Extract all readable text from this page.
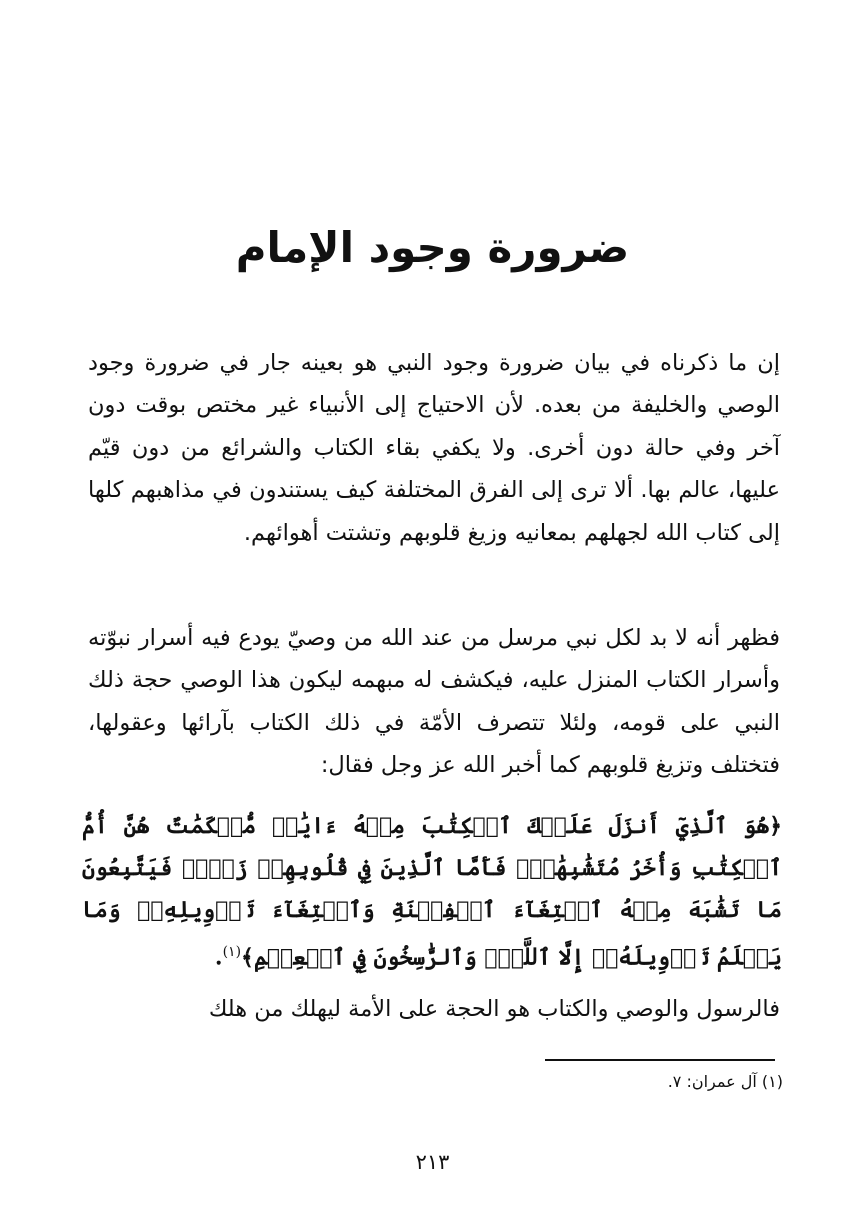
ضرورة وجود الإمام

إن ما ذكرناه في بيان ضرورة وجود النبي هو بعينه جار في ضرورة وجود الوصي والخليفة من بعده. لأن الاحتياج إلى الأنبياء غير مختص بوقت دون آخر وفي حالة دون أخرى. ولا يكفي بقاء الكتاب والشرائع من دون قيّم عليها، عالم بها. ألا ترى إلى الفرق المختلفة كيف يستندون في مذاهبهم كلها إلى كتاب الله لجهلهم بمعانيه وزيغ قلوبهم وتشتت أهوائهم.

فظهر أنه لا بد لكل نبي مرسل من عند الله من وصيّ يودع فيه أسرار نبوّته وأسرار الكتاب المنزل عليه، فيكشف له مبهمه ليكون هذا الوصي حجة ذلك النبي على قومه، ولئلا تتصرف الأمّة في ذلك الكتاب بآرائها وعقولها، فتختلف وتزيغ قلوبهم كما أخبر الله عز وجل فقال:

﴿هُوَ ٱلَّذِيٓ أَنزَلَ عَلَيۡكَ ٱلۡكِتَٰبَ مِنۡهُ ءَايَٰتٞ مُّحۡكَمَٰتٌ هُنَّ أُمُّ ٱلۡكِتَٰبِ وَأُخَرُ مُتَشَٰبِهَٰتٞۖ فَأَمَّا ٱلَّذِينَ فِي قُلُوبِهِمۡ زَيۡغٞ فَيَتَّبِعُونَ مَا تَشَٰبَهَ مِنۡهُ ٱبۡتِغَآءَ ٱلۡفِتۡنَةِ وَٱبۡتِغَآءَ تَأۡوِيلِهِۦۗ وَمَا يَعۡلَمُ تَأۡوِيلَهُۥٓ إِلَّا ٱللَّهُۗ وَٱلرَّٰسِخُونَ فِي ٱلۡعِلۡمِ﴾$^{(١)}$.

فالرسول والوصي والكتاب هو الحجة على الأمة ليهلك من هلك

(١) آل عمران: ٧.

٢١٣
